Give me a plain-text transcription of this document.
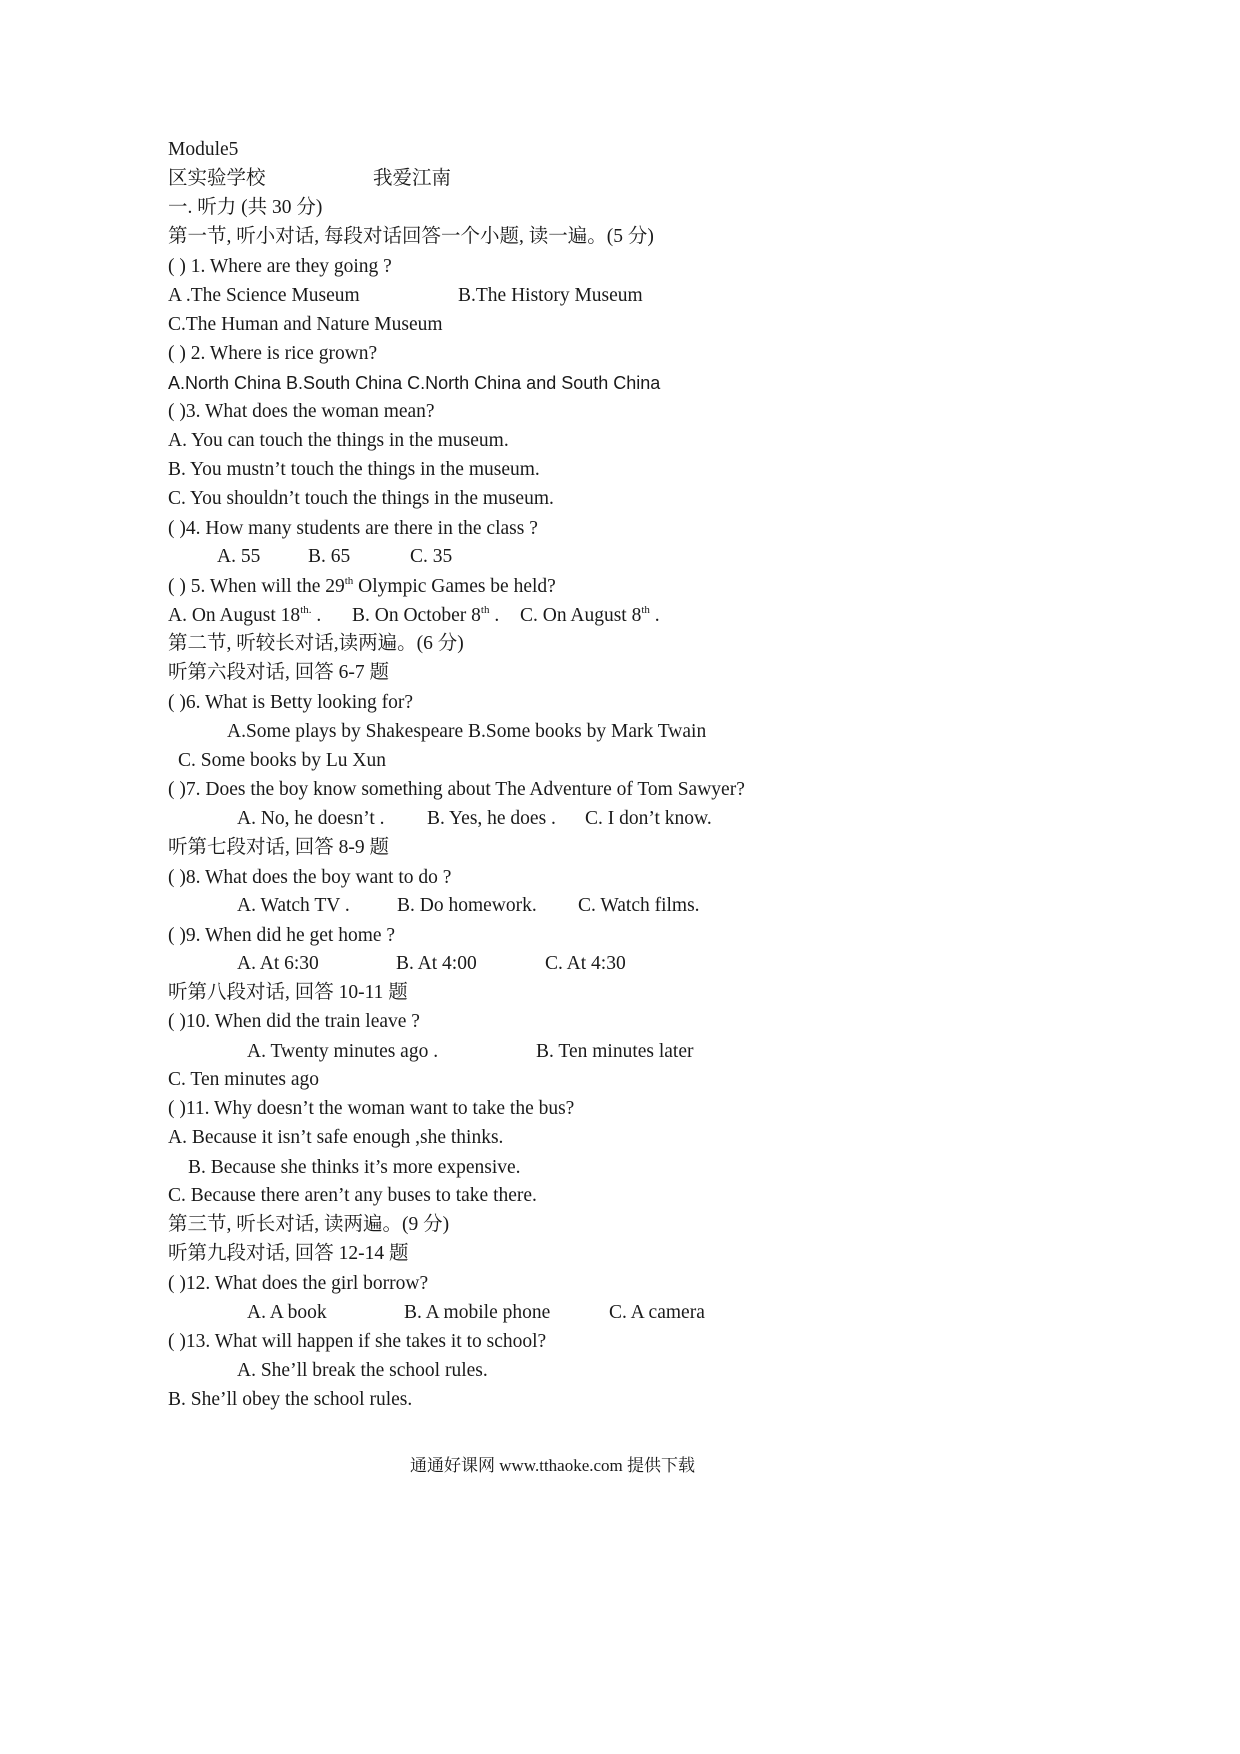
Module5
区实验学校	我爱江南
一. 听力 (共 30 分)
第一节, 听小对话, 每段对话回答一个小题, 读一遍。(5 分)
( ) 1. Where are they going ?
A .The Science Museum	B.The History Museum
C.The Human and Nature Museum
( ) 2. Where is rice grown?
A.North China B.South China C.North China and South China
( )3. What does the woman mean?
A. You can touch the things in the museum.
B. You mustn’t touch the things in the museum.
C. You shouldn’t touch the things in the museum.
( )4. How many students are there in the class ?
A. 55 B. 65	C. 35
( ) 5. When will the 29th Olympic Games be held?
A. On August $18^{th.}$ . B. On October 8th . C. On August 8th .
第二节, 听较长对话,读两遍。(6 分)
听第六段对话, 回答 6-7 题
( )6. What is Betty looking for?
A.Some plays by Shakespeare B.Some books by Mark Twain
C. Some books by Lu Xun
( )7. Does the boy know something about The Adventure of Tom Sawyer?
A. No, he doesn’t . B. Yes, he does . C. I don’t know.
听第七段对话, 回答 8-9 题
( )8. What does the boy want to do ?
A. Watch TV . B. Do homework. C. Watch films.
( )9. When did he get home ?
A. At 6:30	B. At 4:00	C. At 4:30
听第八段对话, 回答 10-11 题
( )10. When did the train leave ?
A. Twenty minutes ago .	B. Ten minutes later
C. Ten minutes ago
( )11. Why doesn’t the woman want to take the bus?
A. Because it isn’t safe enough ,she thinks.
B. Because she thinks it’s more expensive.
C. Because there aren’t any buses to take there.
第三节, 听长对话, 读两遍。(9 分)
听第九段对话, 回答 12-14 题
( )12. What does the girl borrow?
A. A book	B. A mobile phone	C. A camera
( )13. What will happen if she takes it to school?
A. She’ll break the school rules.
B. She’ll obey the school rules.
通通好课网 www.tthaoke.com 提供下载
